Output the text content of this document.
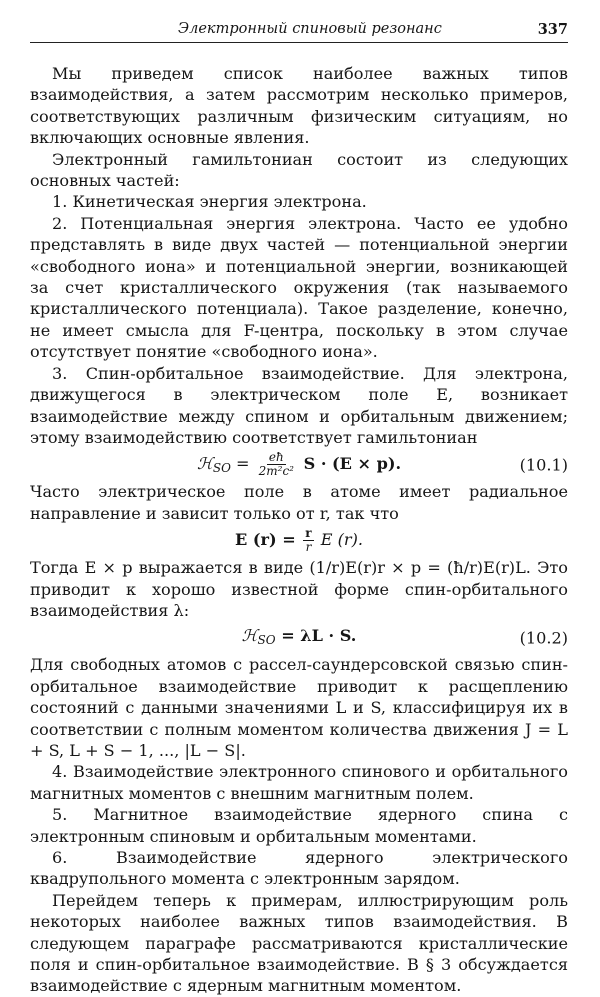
Электронный спиновый резонанс	337

Мы приведем список наиболее важных типов взаимодействия, а затем рассмотрим несколько примеров, соответствующих различным физическим ситуациям, но включающих основные явления.

Электронный гамильтониан состоит из следующих основных частей:

1. Кинетическая энергия электрона.

2. Потенциальная энергия электрона. Часто ее удобно представлять в виде двух частей — потенциальной энергии «свободного иона» и потенциальной энергии, возникающей за счет кристаллического окружения (так называемого кристаллического потенциала). Такое разделение, конечно, не имеет смысла для F-центра, поскольку в этом случае отсутствует понятие «свободного иона».

3. Спин-орбитальное взаимодействие. Для электрона, движущегося в электрическом поле E, возникает взаимодействие между спином и орбитальным движением; этому взаимодействию соответствует гамильтониан

ℋSO = $\frac{eħ}{\text{2m²c²}}$ S · (E × p).	(10.1)

Часто электрическое поле в атоме имеет радиальное направление и зависит только от r, так что

E $(r) = \frac{r}{r}$ E (r).

Тогда E × p выражается в виде (1/r)E(r)r × p = (ħ/r)E(r)L. Это приводит к хорошо известной форме спин-орбитального взаимодействия λ:

ℋSO = λL · S.	(10.2)

Для свободных атомов с рассел-саундерсовской связью спин-орбитальное взаимодействие приводит к расщеплению состояний с данными значениями L и S, классифицируя их в соответствии с полным моментом количества движения J = L + S, L + S − 1, ..., |L − S|.

4. Взаимодействие электронного спинового и орбитального магнитных моментов с внешним магнитным полем.

5. Магнитное взаимодействие ядерного спина с электронным спиновым и орбитальным моментами.

6. Взаимодействие ядерного электрического квадрупольного момента с электронным зарядом.

Перейдем теперь к примерам, иллюстрирующим роль некоторых наиболее важных типов взаимодействия. В следующем параграфе рассматриваются кристаллические поля и спин-орбитальное взаимодействие. В § 3 обсуждается взаимодействие с ядерным магнитным моментом.
